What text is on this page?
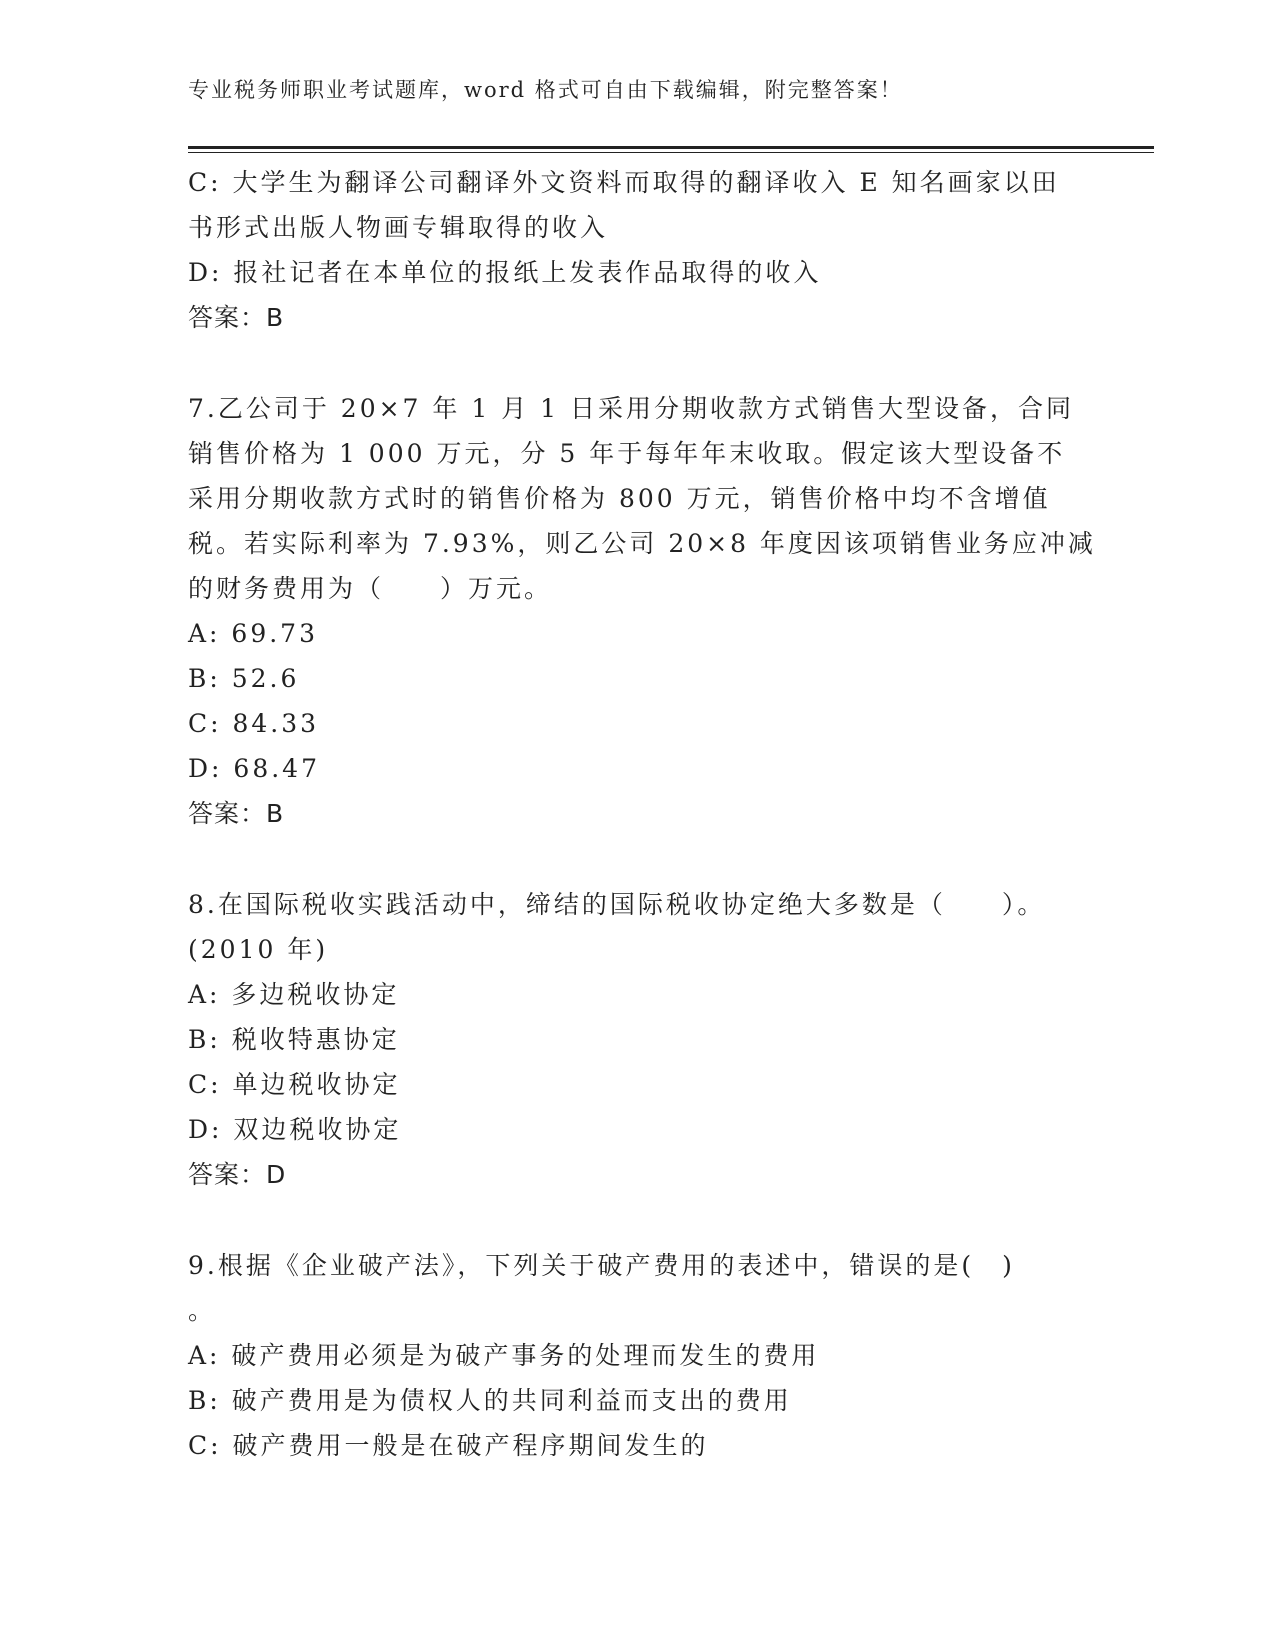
专业税务师职业考试题库，word 格式可自由下载编辑，附完整答案！
C: 大学生为翻译公司翻译外文资料而取得的翻译收入 E 知名画家以田
书形式出版人物画专辑取得的收入
D: 报社记者在本单位的报纸上发表作品取得的收入
答案：B
7.乙公司于 20×7 年 1 月 1 日采用分期收款方式销售大型设备，合同
销售价格为 1 000 万元，分 5 年于每年年末收取。假定该大型设备不
采用分期收款方式时的销售价格为 800 万元，销售价格中均不含增值
税。若实际利率为 7.93%，则乙公司 20×8 年度因该项销售业务应冲减
的财务费用为（　　）万元。
A: 69.73
B: 52.6
C: 84.33
D: 68.47
答案：B
8.在国际税收实践活动中，缔结的国际税收协定绝大多数是（　　）。
(2010 年)
A: 多边税收协定
B: 税收特惠协定
C: 单边税收协定
D: 双边税收协定
答案：D
9.根据《企业破产法》，下列关于破产费用的表述中，错误的是(　)
。
A: 破产费用必须是为破产事务的处理而发生的费用
B: 破产费用是为债权人的共同利益而支出的费用
C: 破产费用一般是在破产程序期间发生的
